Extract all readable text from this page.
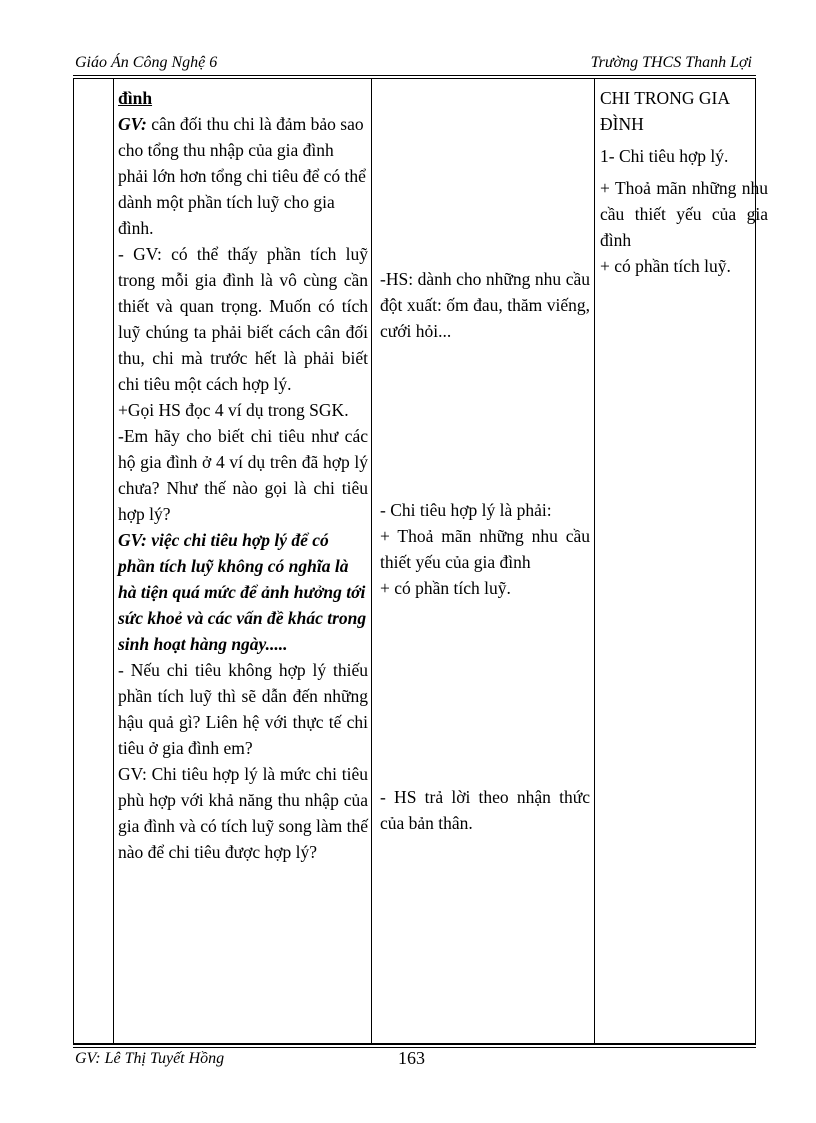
Giáo Án Công Nghệ 6	Trường THCS Thanh Lợi

đình

GV: cân đối thu chi là đảm bảo sao cho tổng thu nhập của gia đình phải lớn hơn tổng chi tiêu để có thể dành một phần tích luỹ cho gia đình.

- GV: có thể thấy phần tích luỹ trong mỗi gia đình là vô cùng cần thiết và quan trọng. Muốn có tích luỹ chúng ta phải biết cách cân đối thu, chi mà trước hết là phải biết chi tiêu một cách hợp lý.

+Gọi HS đọc 4 ví dụ trong SGK.

-Em hãy cho biết chi tiêu như các hộ gia đình ở 4 ví dụ trên đã hợp lý chưa? Như thế nào gọi là chi tiêu hợp lý?

GV: việc chi tiêu hợp lý để có phần tích luỹ không có nghĩa là hà tiện quá mức để ảnh hưởng tới sức khoẻ và các vấn đề khác trong sinh hoạt hàng ngày.....

- Nếu chi tiêu không hợp lý thiếu phần tích luỹ thì sẽ dẫn đến những hậu quả gì? Liên hệ với thực tế chi tiêu ở gia đình em?

GV: Chi tiêu hợp lý là mức chi tiêu phù hợp với khả năng thu nhập của gia đình và có tích luỹ song làm thế nào để chi tiêu được hợp lý?

-HS: dành cho những nhu cầu đột xuất: ốm đau, thăm viếng, cưới hỏi...
- Chi tiêu hợp lý là phải:
+ Thoả mãn những nhu cầu thiết yếu của gia đình
+ có phần tích luỹ.
- HS trả lời theo nhận thức của bản thân.

CHI TRONG GIA ĐÌNH

1- Chi tiêu hợp lý.

+ Thoả mãn những nhu cầu thiết yếu của gia đình

+ có phần tích luỹ.

GV: Lê Thị Tuyết Hồng	163
